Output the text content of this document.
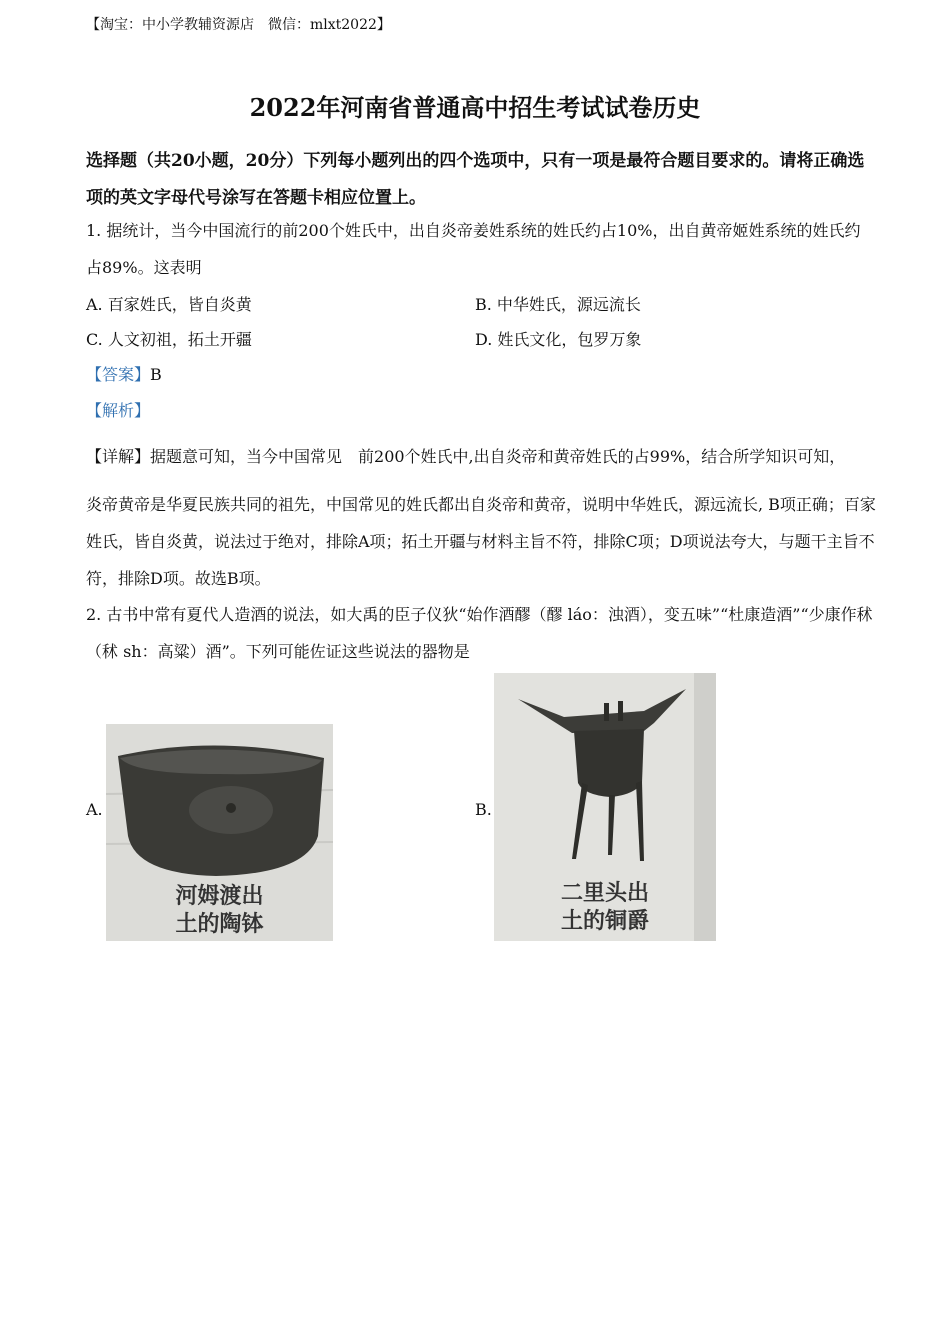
【淘宝：中小学教辅资源店　微信：mlxt2022】
2022年河南省普通高中招生考试试卷历史
选择题（共20小题，20分）下列每小题列出的四个选项中，只有一项是最符合题目要求的。请将正确选项的英文字母代号涂写在答题卡相应位置上。
1. 据统计，当今中国流行的前200个姓氏中，出自炎帝姜姓系统的姓氏约占10%，出自黄帝姬姓系统的姓氏约占89%。这表明
A. 百家姓氏，皆自炎黄	B. 中华姓氏，源远流长
C. 人文初祖，拓土开疆	D. 姓氏文化，包罗万象
【答案】B
【解析】
【详解】据题意可知，当今中国常见　前200个姓氏中,出自炎帝和黄帝姓氏的占99%，结合所学知识可知，
炎帝黄帝是华夏民族共同的祖先，中国常见的姓氏都出自炎帝和黄帝，说明中华姓氏，源远流长, B项正确；百家姓氏，皆自炎黄，说法过于绝对，排除A项；拓土开疆与材料主旨不符，排除C项；D项说法夸大，与题干主旨不符，排除D项。故选B项。
2. 古书中常有夏代人造酒的说法，如大禹的臣子仪狄“始作酒醪（醪 láo：浊酒），变五味”“杜康造酒”“少康作秫（秫 sh：高粱）酒”。下列可能佐证这些说法的器物是
A.
河姆渡出
土的陶钵
B.
二里头出
土的铜爵
